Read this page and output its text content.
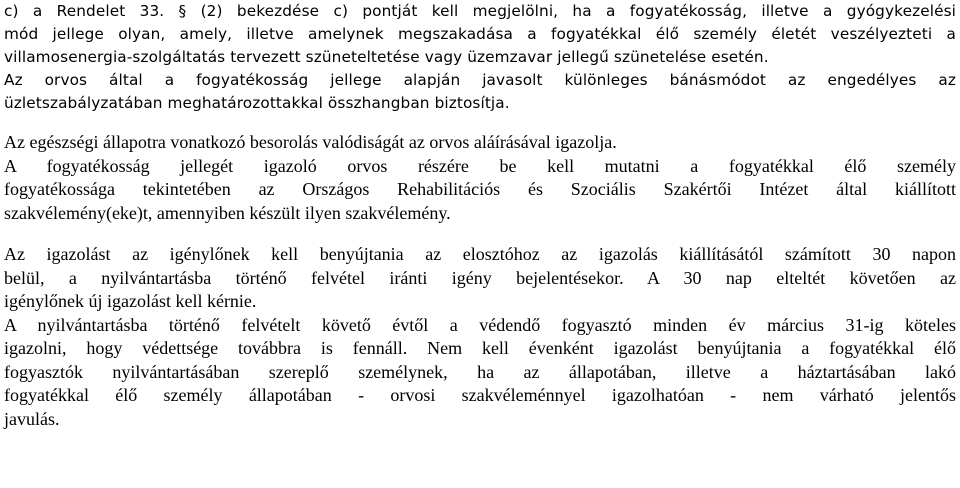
c) a Rendelet 33. § (2) bekezdése c) pontját kell megjelölni, ha a fogyatékosság, illetve a gyógykezelési
mód jellege olyan, amely, illetve amelynek megszakadása a fogyatékkal élő személy életét veszélyezteti a
villamosenergia-szolgáltatás tervezett szüneteltetése vagy üzemzavar jellegű szünetelése esetén.
Az orvos által a fogyatékosság jellege alapján javasolt különleges bánásmódot az engedélyes az
üzletszabályzatában meghatározottakkal összhangban biztosítja.
Az egészségi állapotra vonatkozó besorolás valódiságát az orvos aláírásával igazolja.
A fogyatékosság jellegét igazoló orvos részére be kell mutatni a fogyatékkal élő személy
fogyatékossága tekintetében az Országos Rehabilitációs és Szociális Szakértői Intézet által kiállított
szakvélemény(eke)t, amennyiben készült ilyen szakvélemény.
Az igazolást az igénylőnek kell benyújtania az elosztóhoz az igazolás kiállításától számított 30 napon
belül, a nyilvántartásba történő felvétel iránti igény bejelentésekor. A 30 nap elteltét követően az
igénylőnek új igazolást kell kérnie.
A nyilvántartásba történő felvételt követő évtől a védendő fogyasztó minden év március 31-ig köteles
igazolni, hogy védettsége továbbra is fennáll. Nem kell évenként igazolást benyújtania a fogyatékkal élő
fogyasztók nyilvántartásában szereplő személynek, ha az állapotában, illetve a háztartásában lakó
fogyatékkal élő személy állapotában - orvosi szakvéleménnyel igazolhatóan - nem várható jelentős
javulás.
